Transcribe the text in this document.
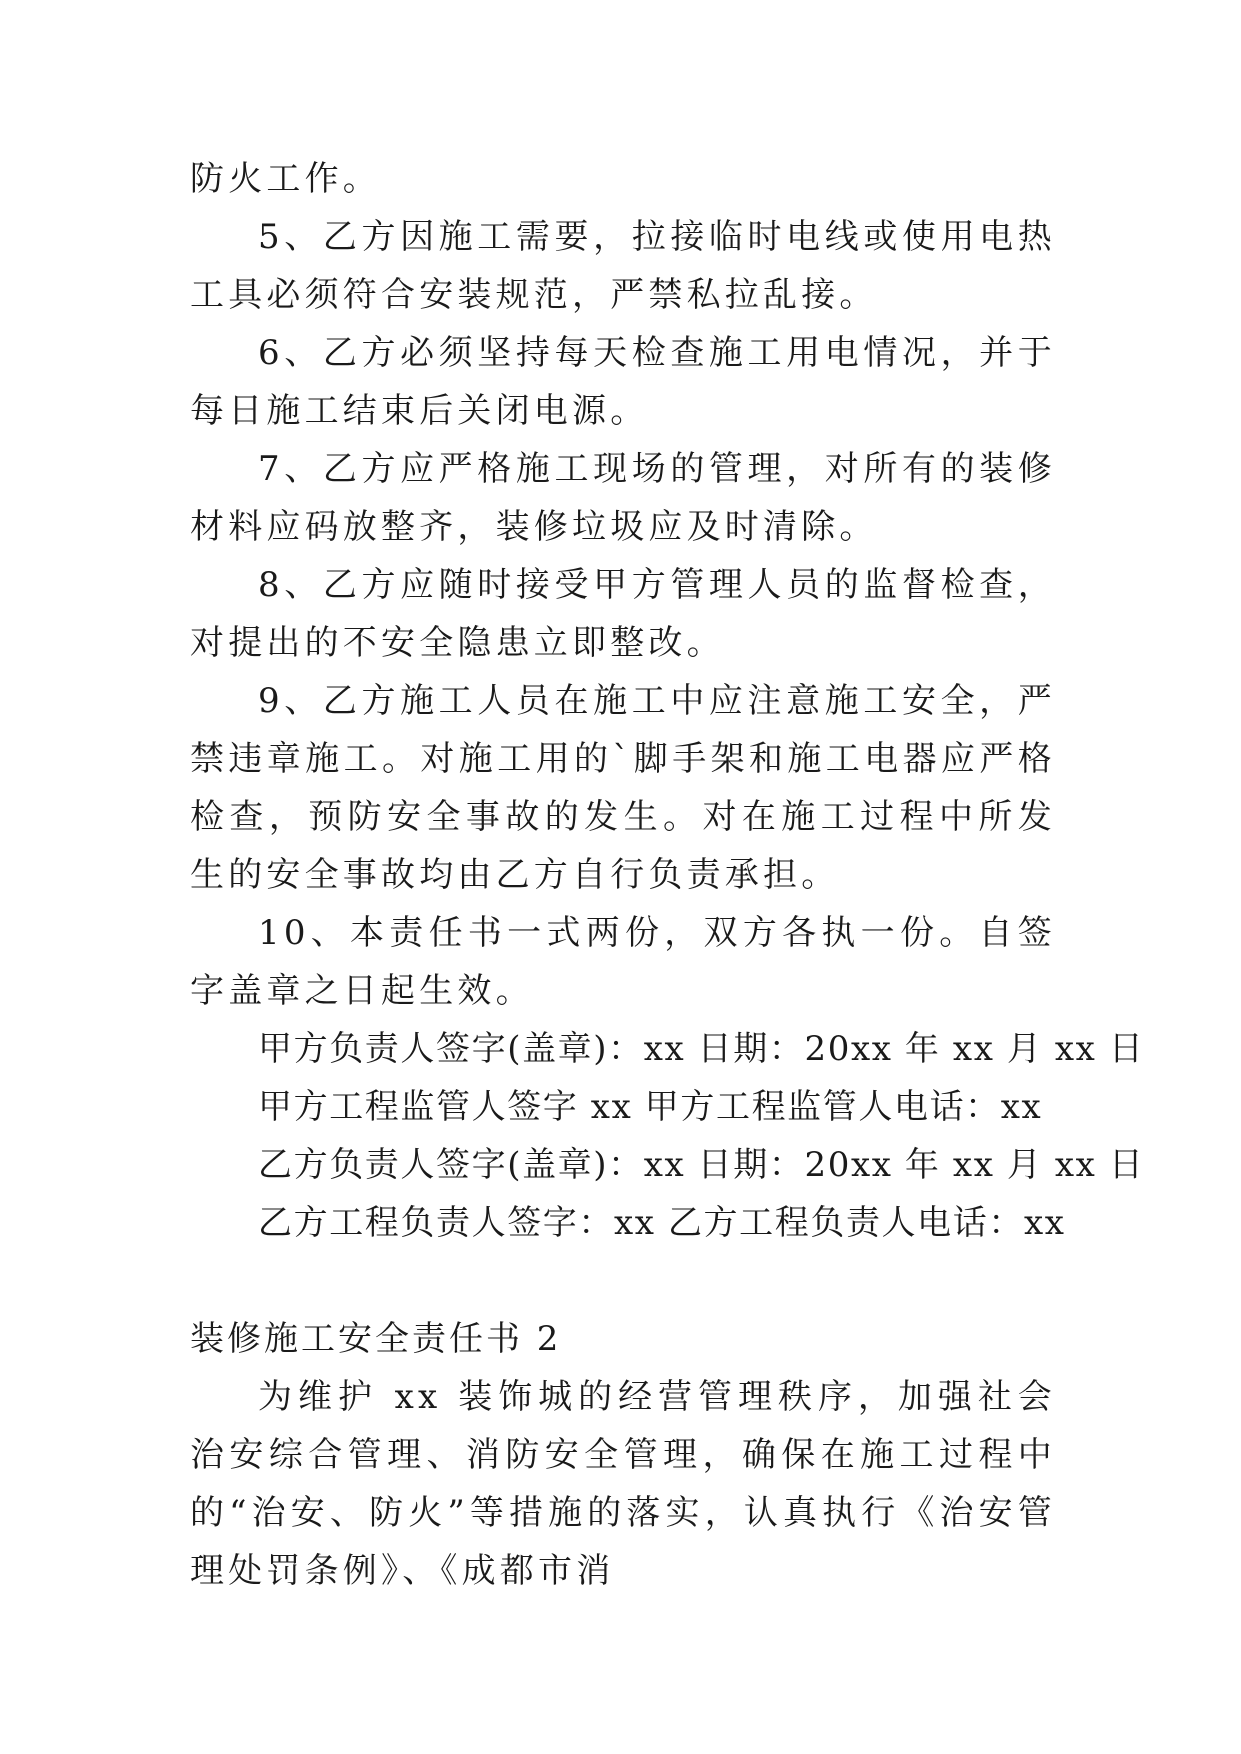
防火工作。

5、乙方因施工需要，拉接临时电线或使用电热工具必须符合安装规范，严禁私拉乱接。

6、乙方必须坚持每天检查施工用电情况，并于每日施工结束后关闭电源。

7、乙方应严格施工现场的管理，对所有的装修材料应码放整齐，装修垃圾应及时清除。

8、乙方应随时接受甲方管理人员的监督检查，对提出的不安全隐患立即整改。

9、乙方施工人员在施工中应注意施工安全，严禁违章施工。对施工用的`脚手架和施工电器应严格检查，预防安全事故的发生。对在施工过程中所发生的安全事故均由乙方自行负责承担。

10、本责任书一式两份，双方各执一份。自签字盖章之日起生效。

甲方负责人签字(盖章)：xx 日期：20xx 年 xx 月 xx 日

甲方工程监管人签字 xx 甲方工程监管人电话：xx

乙方负责人签字(盖章)：xx 日期：20xx 年 xx 月 xx 日

乙方工程负责人签字：xx 乙方工程负责人电话：xx

装修施工安全责任书 2

为维护 xx 装饰城的经营管理秩序，加强社会治安综合管理、消防安全管理，确保在施工过程中的“治安、防火”等措施的落实，认真执行《治安管理处罚条例》、《成都市消
